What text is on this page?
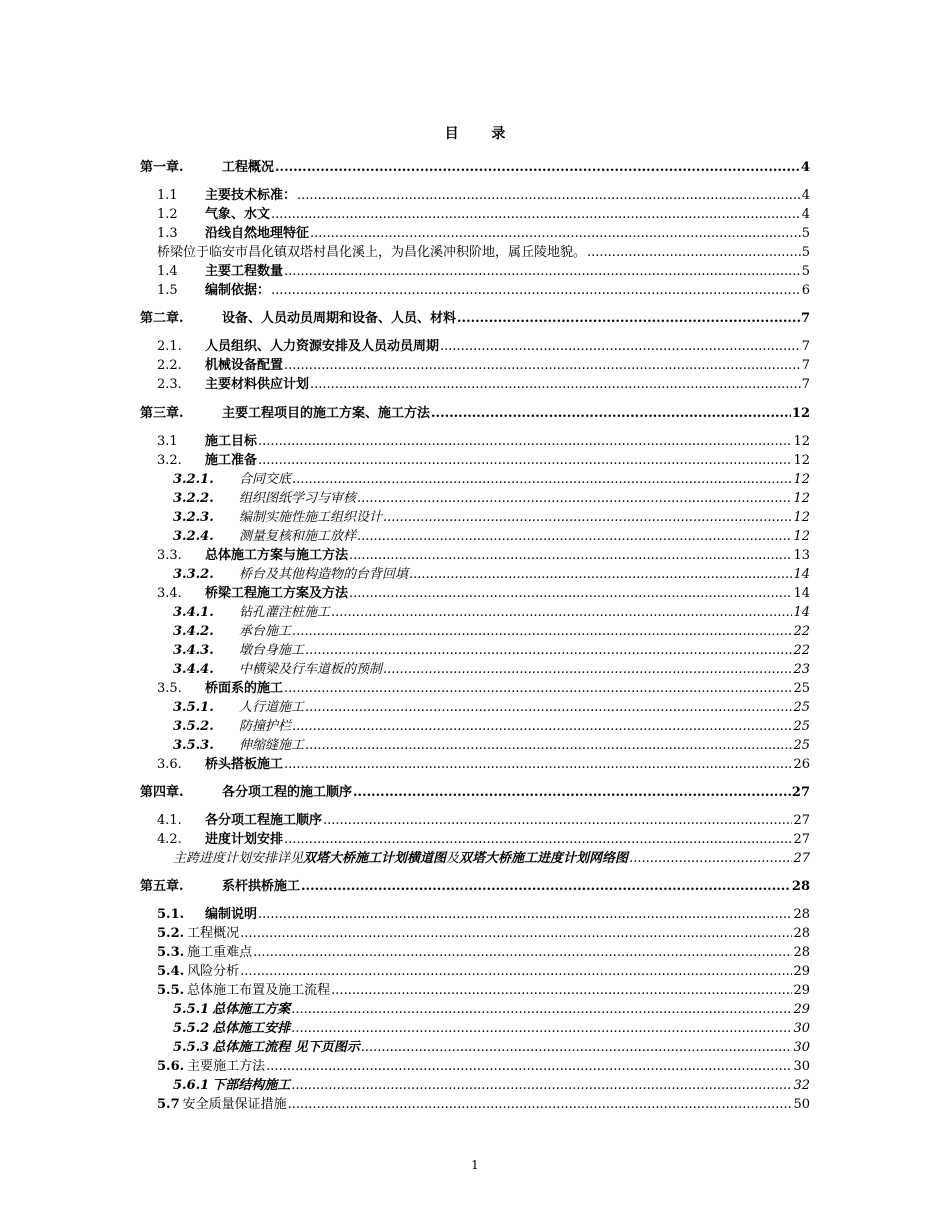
目 录
第一章.	工程概况 .....	4
1.1	主要技术标准： .....	4
1.2	气象、水文 .....	4
1.3	沿线自然地理特征 .....	5
桥梁位于临安市昌化镇双塔村昌化溪上，为昌化溪冲积阶地，属丘陵地貌。 .....	5
1.4	主要工程数量 .....	5
1.5	编制依据： .....	6
第二章.	设备、人员动员周期和设备、人员、材料 .....	7
2.1.	人员组织、人力资源安排及人员动员周期 .....	7
2.2.	机械设备配置 .....	7
2.3.	主要材料供应计划 .....	7
第三章.	主要工程项目的施工方案、施工方法 .....	12
3.1	施工目标 .....	12
3.2.	施工准备 .....	12
3.2.1.	合同交底 .....	12
3.2.2.	组织图纸学习与审核 .....	12
3.2.3.	编制实施性施工组织设计 .....	12
3.2.4.	测量复核和施工放样 .....	12
3.3.	总体施工方案与施工方法 .....	13
3.3.2.	桥台及其他构造物的台背回填 .....	14
3.4.	桥梁工程施工方案及方法 .....	14
3.4.1.	钻孔灌注桩施工 .....	14
3.4.2.	承台施工 .....	22
3.4.3.	墩台身施工 .....	22
3.4.4.	中横梁及行车道板的预制 .....	23
3.5.	桥面系的施工 .....	25
3.5.1.	人行道施工 .....	25
3.5.2.	防撞护栏 .....	25
3.5.3.	伸缩缝施工 .....	25
3.6.	桥头搭板施工 .....	26
第四章.	各分项工程的施工顺序 .....	27
4.1.	各分项工程施工顺序 .....	27
4.2.	进度计划安排 .....	27
主跨进度计划安排详见双塔大桥施工计划横道图及双塔大桥施工进度计划网络图 .....	27
第五章.	系杆拱桥施工 .....	28
5.1.	编制说明 .....	28
5.2. 工程概况 .....	28
5.3. 施工重难点 .....	28
5.4. 风险分析 .....	29
5.5. 总体施工布置及施工流程 .....	29
5.5.1 总体施工方案 .....	29
5.5.2 总体施工安排 .....	30
5.5.3 总体施工流程 见下页图示 .....	30
5.6. 主要施工方法 .....	30
5.6.1 下部结构施工 .....	32
5.7 安全质量保证措施 .....	50
1
